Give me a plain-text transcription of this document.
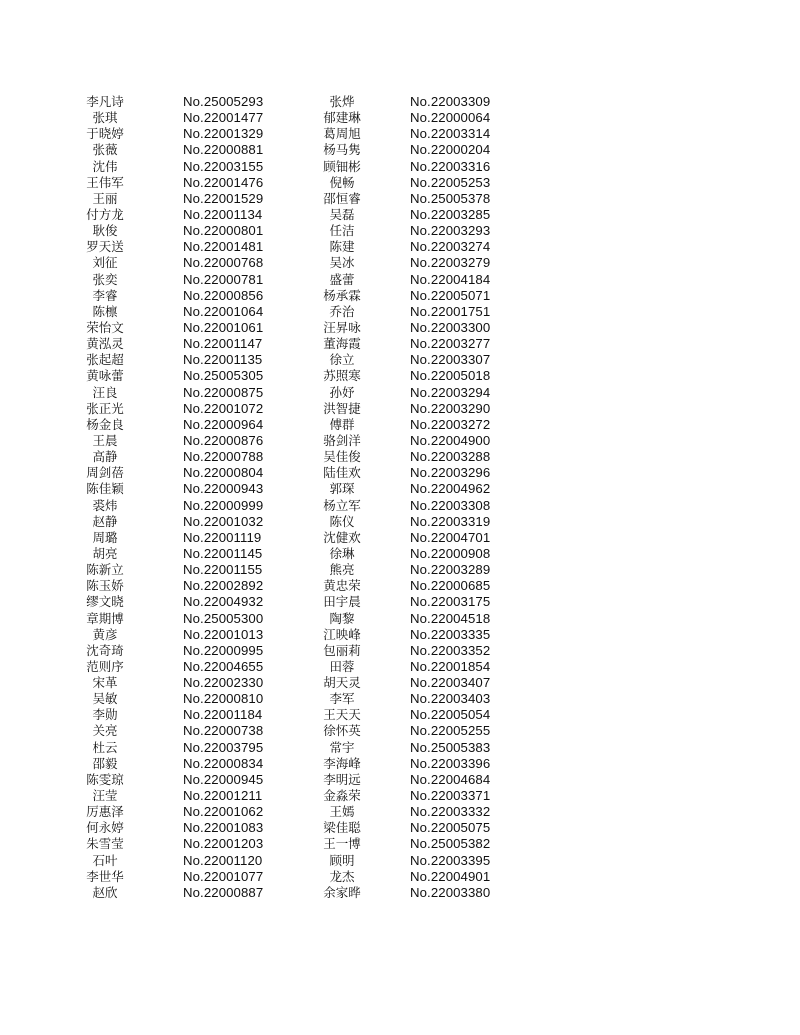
李凡诗	No.25005293	张烨	No.22003309
张琪	No.22001477	郁建琳	No.22000064
于晓婷	No.22001329	葛周旭	No.22003314
张薇	No.22000881	杨马隽	No.22000204
沈伟	No.22003155	顾钿彬	No.22003316
王伟军	No.22001476	倪畅	No.22005253
王丽	No.22001529	邵恒睿	No.25005378
付方龙	No.22001134	吴磊	No.22003285
耿俊	No.22000801	任洁	No.22003293
罗天送	No.22001481	陈建	No.22003274
刘征	No.22000768	吴冰	No.22003279
张奕	No.22000781	盛蕾	No.22004184
李睿	No.22000856	杨承霖	No.22005071
陈檩	No.22001064	乔治	No.22001751
荣怡文	No.22001061	汪昇咏	No.22003300
黄泓灵	No.22001147	董海霞	No.22003277
张起超	No.22001135	徐立	No.22003307
黄咏蕾	No.25005305	苏照寒	No.22005018
汪良	No.22000875	孙妤	No.22003294
张正光	No.22001072	洪智捷	No.22003290
杨金良	No.22000964	傅群	No.22003272
王晨	No.22000876	骆剑洋	No.22004900
高静	No.22000788	吴佳俊	No.22003288
周剑蓓	No.22000804	陆佳欢	No.22003296
陈佳颖	No.22000943	郭琛	No.22004962
裘炜	No.22000999	杨立军	No.22003308
赵静	No.22001032	陈仪	No.22003319
周璐	No.22001119	沈健欢	No.22004701
胡亮	No.22001145	徐琳	No.22000908
陈新立	No.22001155	熊亮	No.22003289
陈玉娇	No.22002892	黄忠荣	No.22000685
缪文晓	No.22004932	田宇晨	No.22003175
章期博	No.25005300	陶黎	No.22004518
黄彦	No.22001013	江映峰	No.22003335
沈奇琦	No.22000995	包丽莉	No.22003352
范则序	No.22004655	田蓉	No.22001854
宋革	No.22002330	胡天灵	No.22003407
吴敏	No.22000810	李军	No.22003403
李勋	No.22001184	王天天	No.22005054
关亮	No.22000738	徐怀英	No.22005255
杜云	No.22003795	常宇	No.25005383
邵毅	No.22000834	李海峰	No.22003396
陈雯琼	No.22000945	李明远	No.22004684
汪莹	No.22001211	金淼荣	No.22003371
厉惠泽	No.22001062	王嫣	No.22003332
何永婷	No.22001083	梁佳聪	No.22005075
朱雪莹	No.22001203	王一博	No.25005382
石叶	No.22001120	顾明	No.22003395
李世华	No.22001077	龙杰	No.22004901
赵欣	No.22000887	余家晔	No.22003380
